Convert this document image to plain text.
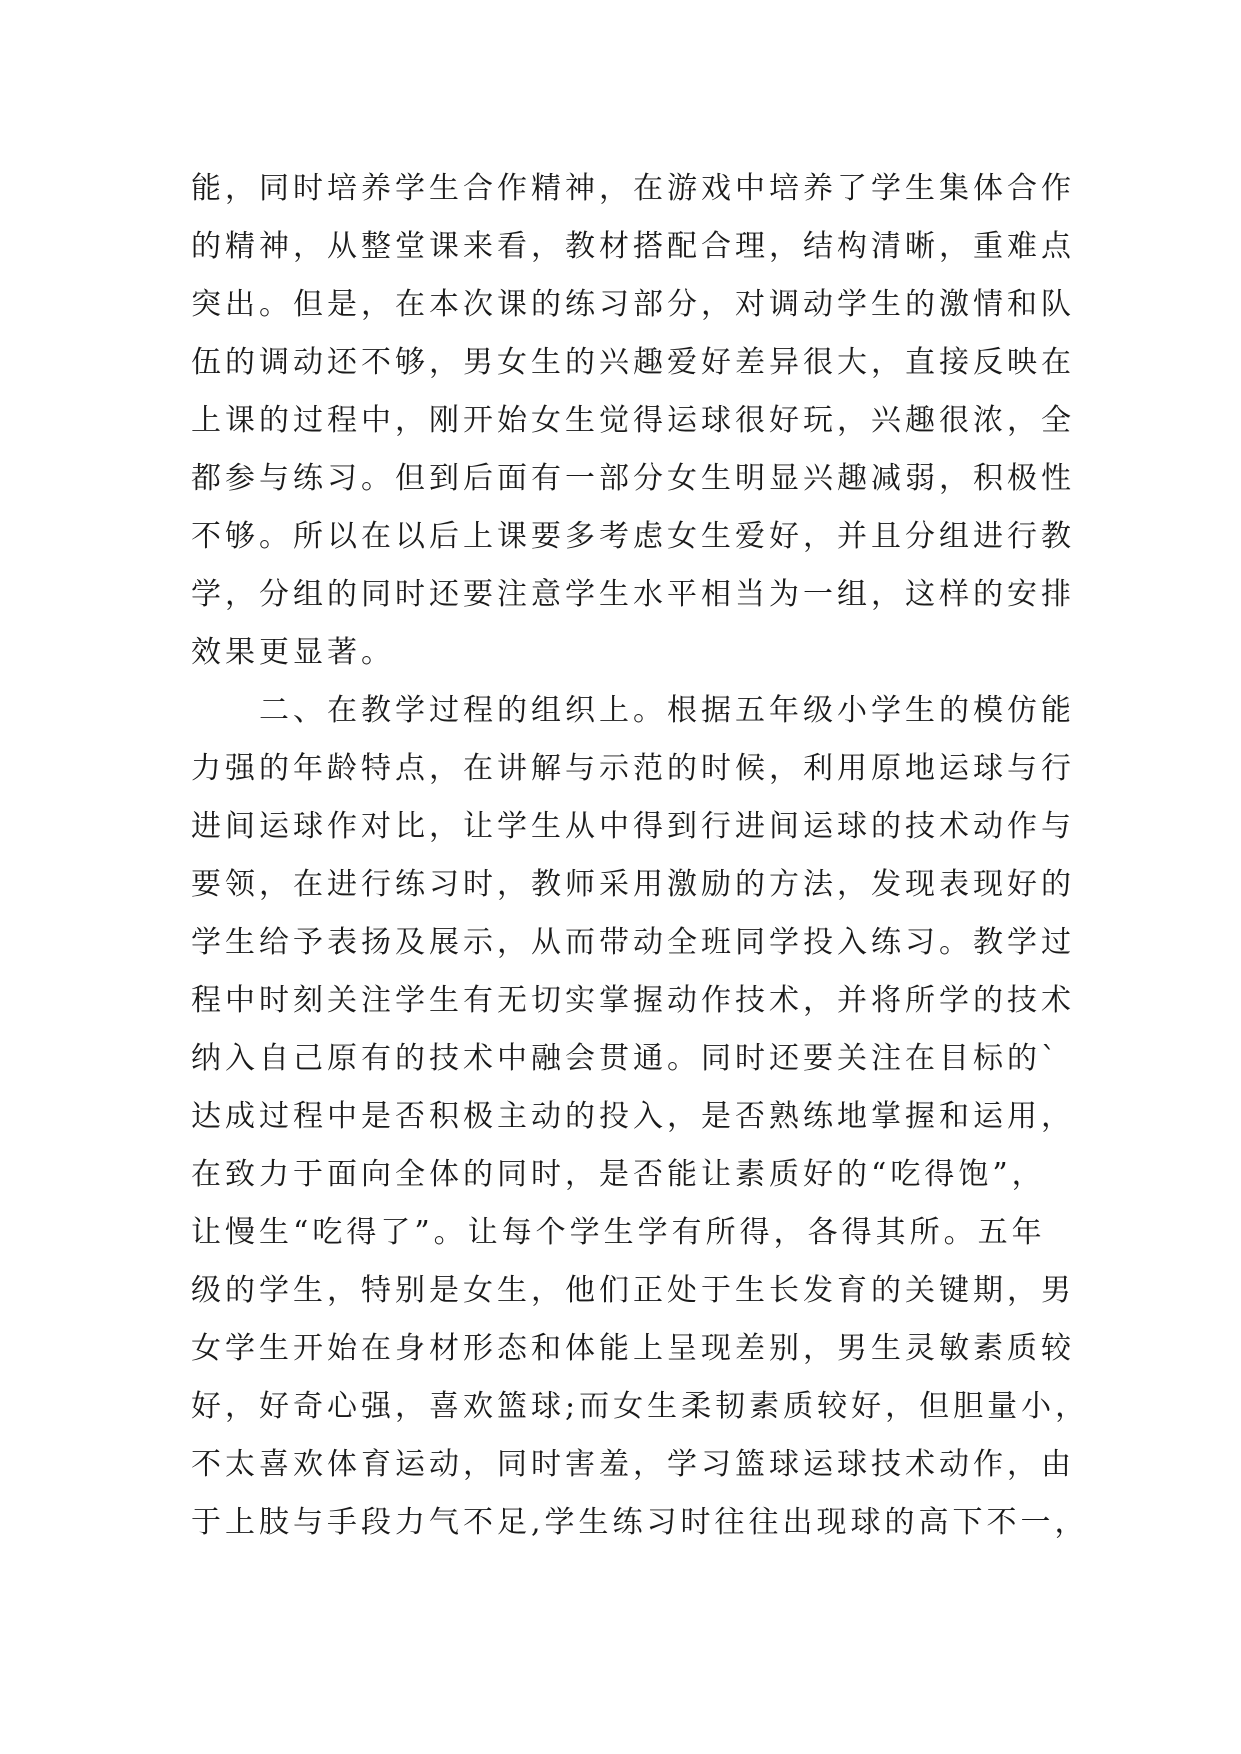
能，同时培养学生合作精神，在游戏中培养了学生集体合作
的精神，从整堂课来看，教材搭配合理，结构清晰，重难点
突出。但是，在本次课的练习部分，对调动学生的激情和队
伍的调动还不够，男女生的兴趣爱好差异很大，直接反映在
上课的过程中，刚开始女生觉得运球很好玩，兴趣很浓，全
都参与练习。但到后面有一部分女生明显兴趣减弱，积极性
不够。所以在以后上课要多考虑女生爱好，并且分组进行教
学，分组的同时还要注意学生水平相当为一组，这样的安排
效果更显著。
　　二、在教学过程的组织上。根据五年级小学生的模仿能
力强的年龄特点，在讲解与示范的时候，利用原地运球与行
进间运球作对比，让学生从中得到行进间运球的技术动作与
要领，在进行练习时，教师采用激励的方法，发现表现好的
学生给予表扬及展示，从而带动全班同学投入练习。教学过
程中时刻关注学生有无切实掌握动作技术，并将所学的技术
纳入自己原有的技术中融会贯通。同时还要关注在目标的`
达成过程中是否积极主动的投入，是否熟练地掌握和运用，
在致力于面向全体的同时，是否能让素质好的“吃得饱”，
让慢生“吃得了”。让每个学生学有所得，各得其所。五年
级的学生，特别是女生，他们正处于生长发育的关键期，男
女学生开始在身材形态和体能上呈现差别，男生灵敏素质较
好，好奇心强，喜欢篮球;而女生柔韧素质较好，但胆量小，
不太喜欢体育运动，同时害羞，学习篮球运球技术动作，由
于上肢与手段力气不足,学生练习时往往出现球的高下不一，
